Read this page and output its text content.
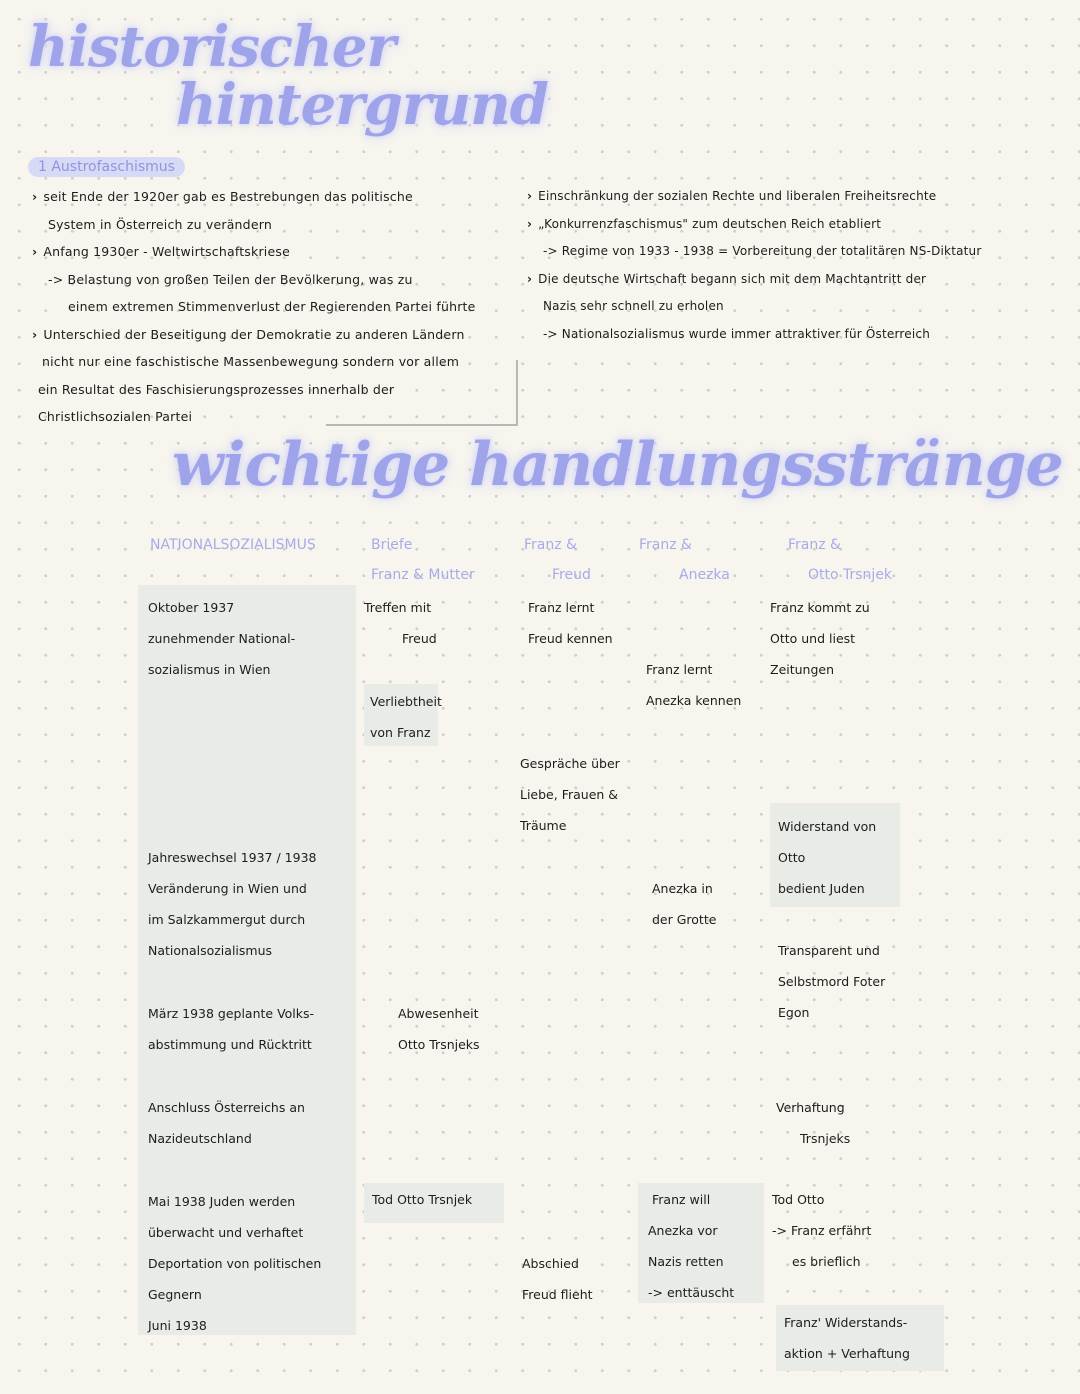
historischer
hintergrund
1 Austrofaschismus
› seit Ende der 1920er gab es Bestrebungen das politische
System in Österreich zu verändern
› Anfang 1930er - Weltwirtschaftskriese
-> Belastung von großen Teilen der Bevölkerung, was zu
einem extremen Stimmenverlust der Regierenden Partei führte
› Unterschied der Beseitigung der Demokratie zu anderen Ländern
nicht nur eine faschistische Massenbewegung sondern vor allem
ein Resultat des Faschisierungsprozesses innerhalb der
Christlichsozialen Partei
› Einschränkung der sozialen Rechte und liberalen Freiheitsrechte
› „Konkurrenzfaschismus" zum deutschen Reich etabliert
-> Regime von 1933 - 1938 = Vorbereitung der totalitären NS-Diktatur
› Die deutsche Wirtschaft begann sich mit dem Machtantritt der
Nazis sehr schnell zu erholen
-> Nationalsozialismus wurde immer attraktiver für Österreich
wichtige handlungsstränge
NATIONALSOZIALISMUS	Briefe
Franz & Mutter
Franz &
Freud
Franz &
Anezka
Franz &
Otto Trsnjek
Oktober 1937
zunehmender National-
sozialismus in Wien
Jahreswechsel 1937 / 1938
Veränderung in Wien und
im Salzkammergut durch
Nationalsozialismus
März 1938 geplante Volks-
abstimmung und Rücktritt
Anschluss Österreichs an
Nazideutschland
Mai 1938 Juden werden
überwacht und verhaftet
Deportation von politischen
Gegnern
Juni 1938
Treffen mit
Freud
Verliebtheit
von Franz
Abwesenheit
Otto Trsnjeks
Tod Otto Trsnjek
Franz lernt
Freud kennen
Gespräche über
Liebe, Frauen &
Träume
Abschied
Freud flieht
Franz lernt
Anezka kennen
Anezka in
der Grotte
Franz will
Anezka vor
Nazis retten
-> enttäuscht
Franz kommt zu
Otto und liest
Zeitungen
Widerstand von
Otto
bedient Juden
Transparent und
Selbstmord Foter
Egon
Verhaftung
Trsnjeks
Tod Otto
-> Franz erfährt
es brieflich
Franz' Widerstands-
aktion + Verhaftung
